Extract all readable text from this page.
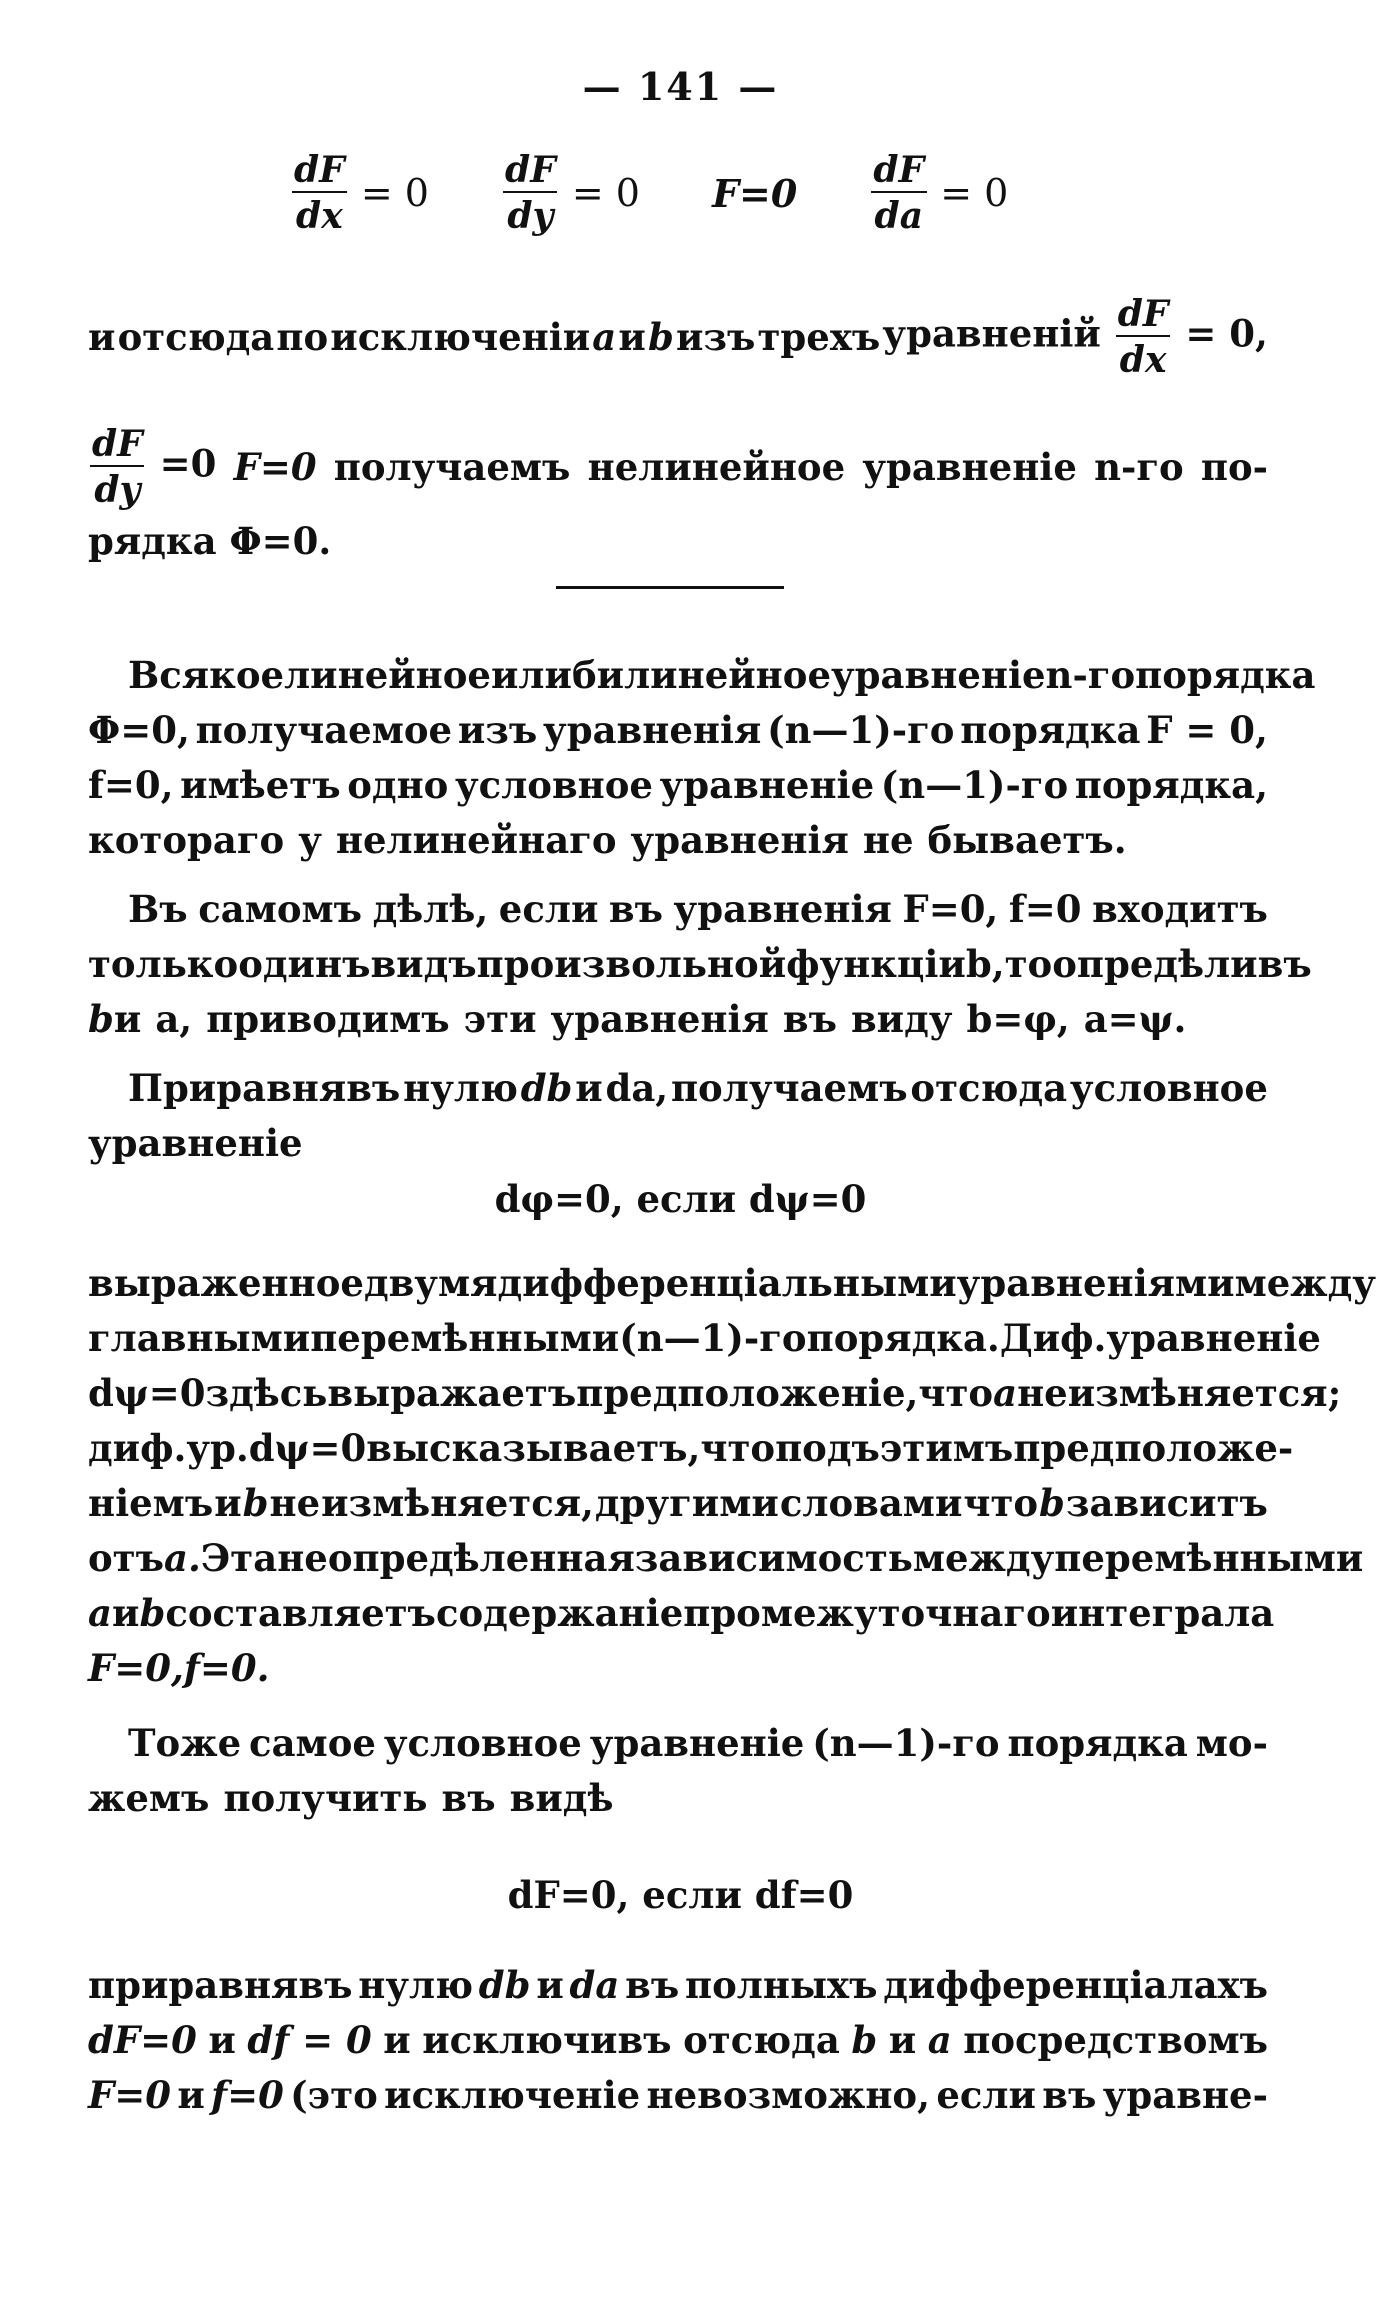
— 141 —
$\frac{dF}{dx} = 0 \frac{dF}{dy} = 0$ $F=0 \frac{dF}{da} = 0$
и отсюда по исключеніи a и b изъ трехъ уравненій $\frac{dF}{dx} = 0$,
$\frac{dF}{dy} =0$ F=0 получаемъ нелинейное уравненіе n-го по-
рядка Φ=0.
Всякое линейное или билинейное уравненіе n-го порядка
Φ=0, получаемое изъ уравненія (n—1)-го порядка F = 0,
f=0, имѣетъ одно условное уравненіе (n—1)-го порядка,
котораго у нелинейнаго уравненія не бываетъ.
Въ самомъ дѣлѣ, если въ уравненія F=0, f=0 входитъ
только одинъ видъ произвольной функціи b, то опредѣливъ
b и a, приводимъ эти уравненія въ виду b=φ, a=ψ.
Приравнявъ нулю db и da, получаемъ отсюда условное
уравненіе
dφ=0, если dψ=0
выраженное двумя дифференціальными уравненіями между
главными перемѣнными (n—1)-го порядка. Диф. уравненіе
dψ=0 здѣсь выражаетъ предположеніе, что a не измѣняется;
диф. ур. dψ=0 высказываетъ, что подъ этимъ предположе-
ніемъ и b не измѣняется, другими словами что b зависитъ
отъ a. Эта неопредѣленная зависимость между перемѣнными
a и b составляетъ содержаніе промежуточнаго интеграла
F=0, f=0.
Тоже самое условное уравненіе (n—1)-го порядка мо-
жемъ получить въ видѣ
dF=0, если df=0
приравнявъ нулю db и da въ полныхъ дифференціалахъ
dF=0 и df = 0 и исключивъ отсюда b и a посредствомъ
F=0 и f=0 (это исключеніе невозможно, если въ уравне-
